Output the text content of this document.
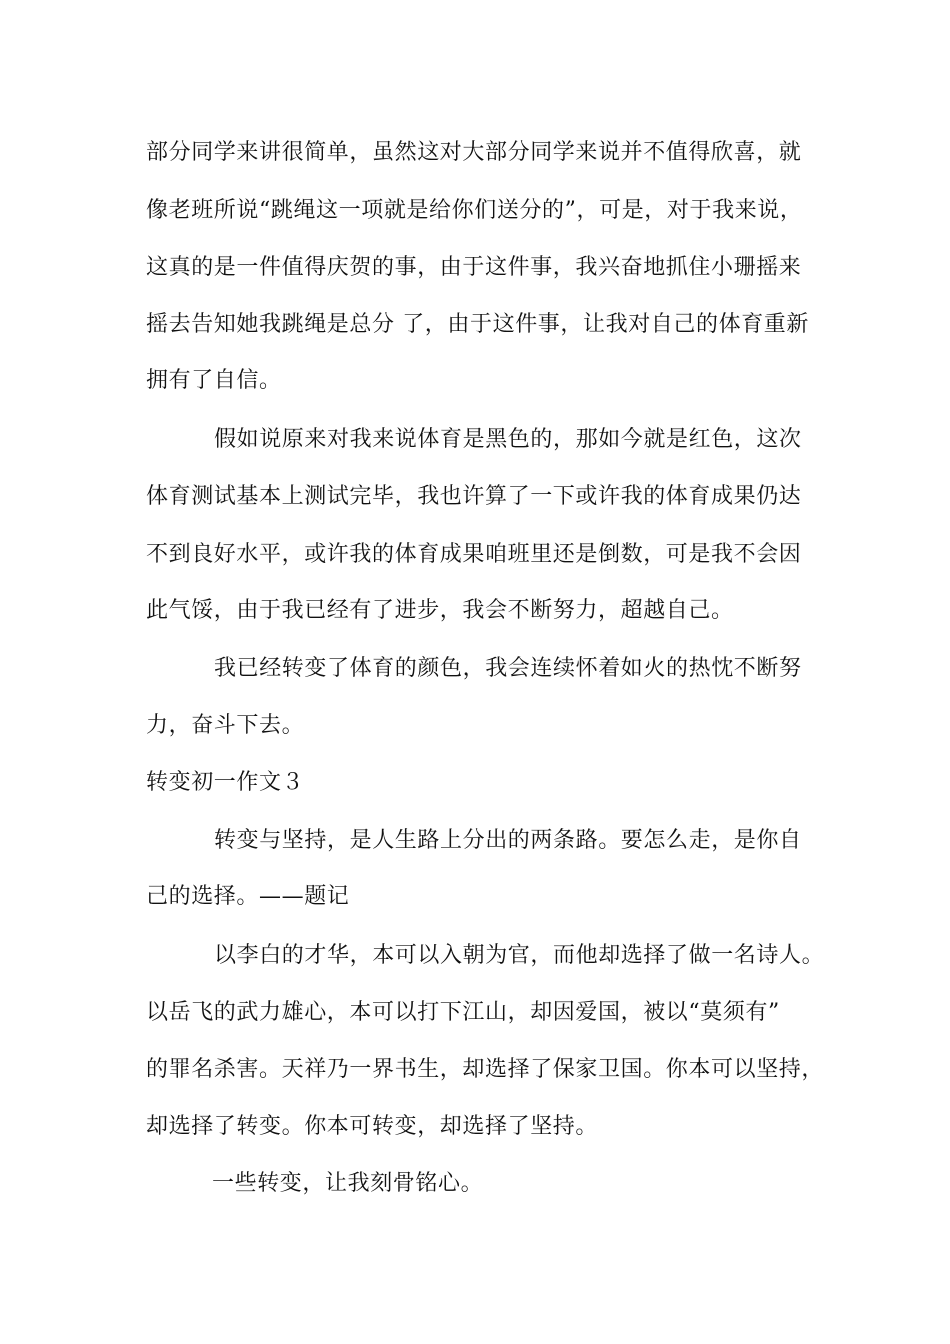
部分同学来讲很简单，虽然这对大部分同学来说并不值得欣喜，就
像老班所说“跳绳这一项就是给你们送分的”，可是，对于我来说，
这真的是一件值得庆贺的事，由于这件事，我兴奋地抓住小珊摇来
摇去告知她我跳绳是总分 了，由于这件事，让我对自己的体育重新
拥有了自信。
假如说原来对我来说体育是黑色的，那如今就是红色，这次
体育测试基本上测试完毕，我也许算了一下或许我的体育成果仍达
不到良好水平，或许我的体育成果咱班里还是倒数，可是我不会因
此气馁，由于我已经有了进步，我会不断努力，超越自己。
我已经转变了体育的颜色，我会连续怀着如火的热忱不断努
力，奋斗下去。
转变初一作文３
转变与坚持，是人生路上分出的两条路。要怎么走，是你自
己的选择。——题记
以李白的才华，本可以入朝为官，而他却选择了做一名诗人。
以岳飞的武力雄心，本可以打下江山，却因爱国，被以“莫须有”
的罪名杀害。天祥乃一界书生，却选择了保家卫国。你本可以坚持，
却选择了转变。你本可转变，却选择了坚持。
一些转变，让我刻骨铭心。
